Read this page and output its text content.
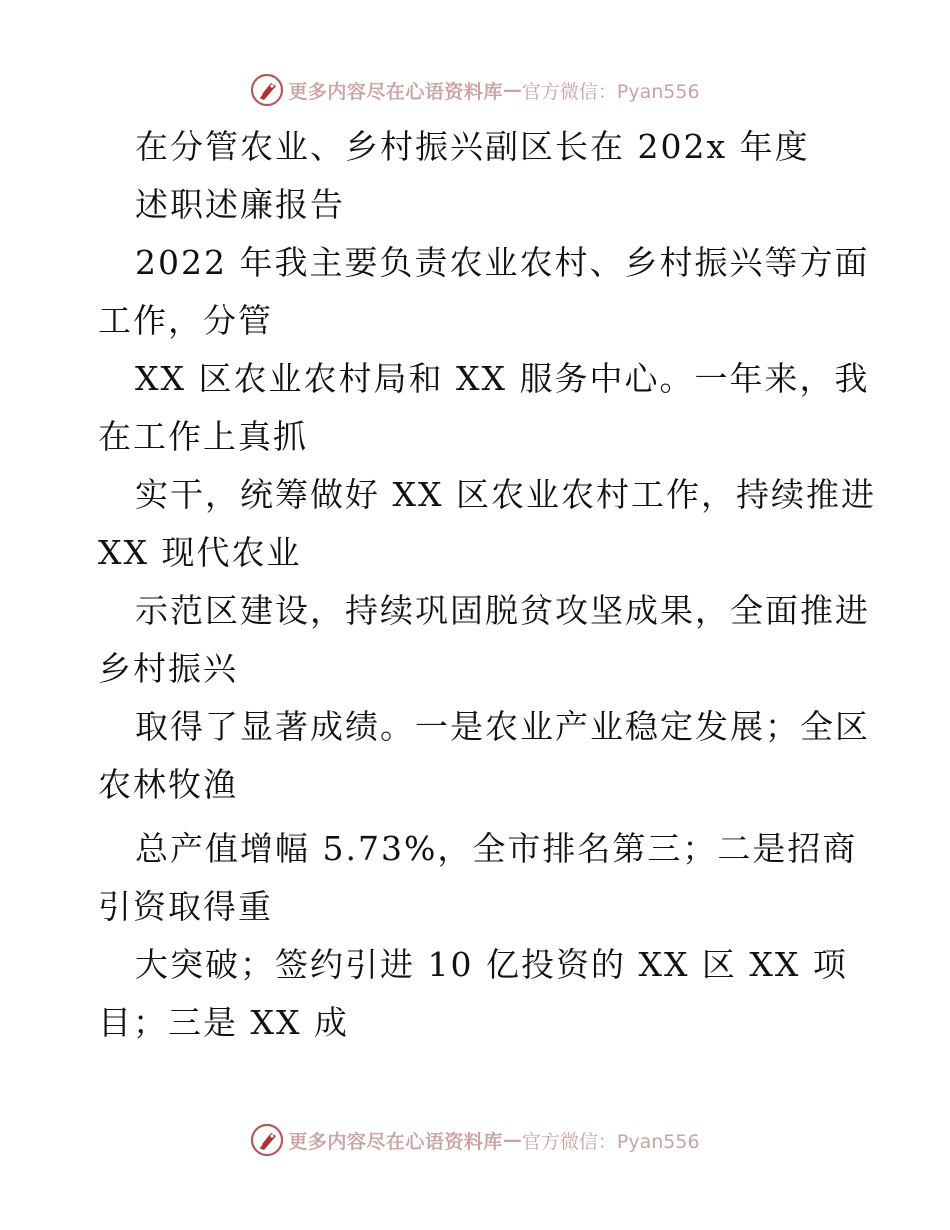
更多内容尽在心语资料库 — 官方微信：Pyan556
在分管农业、乡村振兴副区长在 202x 年度
述职述廉报告
2022 年我主要负责农业农村、乡村振兴等方面
工作，分管
XX 区农业农村局和 XX 服务中心。一年来，我
在工作上真抓
实干，统筹做好 XX 区农业农村工作，持续推进
XX 现代农业
示范区建设，持续巩固脱贫攻坚成果，全面推进
乡村振兴
取得了显著成绩。一是农业产业稳定发展；全区
农林牧渔
总产值增幅 5.73%，全市排名第三；二是招商
引资取得重
大突破；签约引进 10 亿投资的 XX 区 XX 项
目；三是 XX 成
更多内容尽在心语资料库 — 官方微信：Pyan556
